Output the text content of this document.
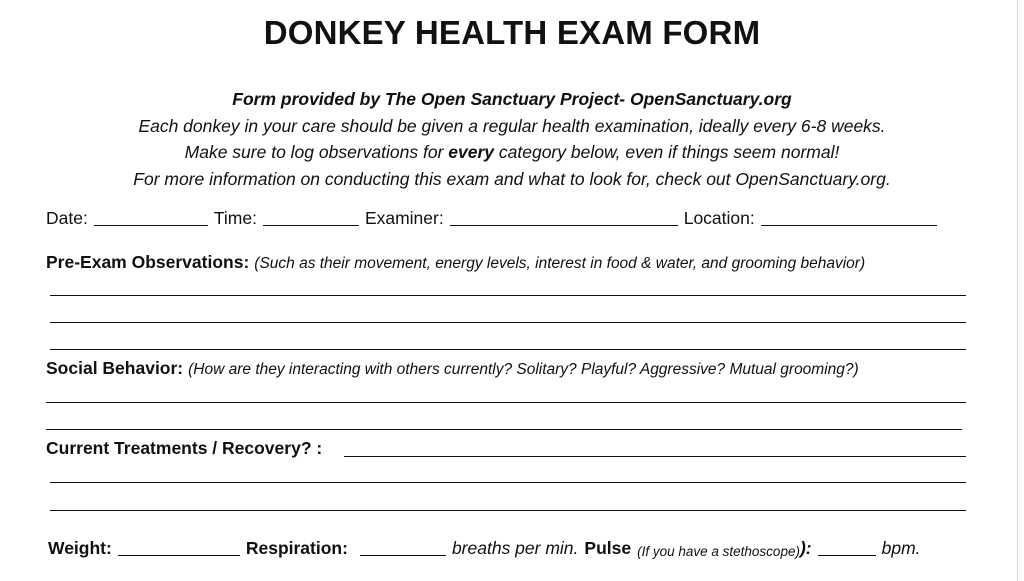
DONKEY HEALTH EXAM FORM
Form provided by The Open Sanctuary Project- OpenSanctuary.org
Each donkey in your care should be given a regular health examination, ideally every 6-8 weeks.
Make sure to log observations for every category below, even if things seem normal!
For more information on conducting this exam and what to look for, check out OpenSanctuary.org.
Date:	Time:	Examiner:	Location:
Pre-Exam Observations: (Such as their movement, energy levels, interest in food & water, and grooming behavior)
Social Behavior: (How are they interacting with others currently? Solitary? Playful? Aggressive? Mutual grooming?)
Current Treatments / Recovery? :
Weight:	Respiration:	breaths per min. Pulse (If you have a stethoscope) ):	bpm.
